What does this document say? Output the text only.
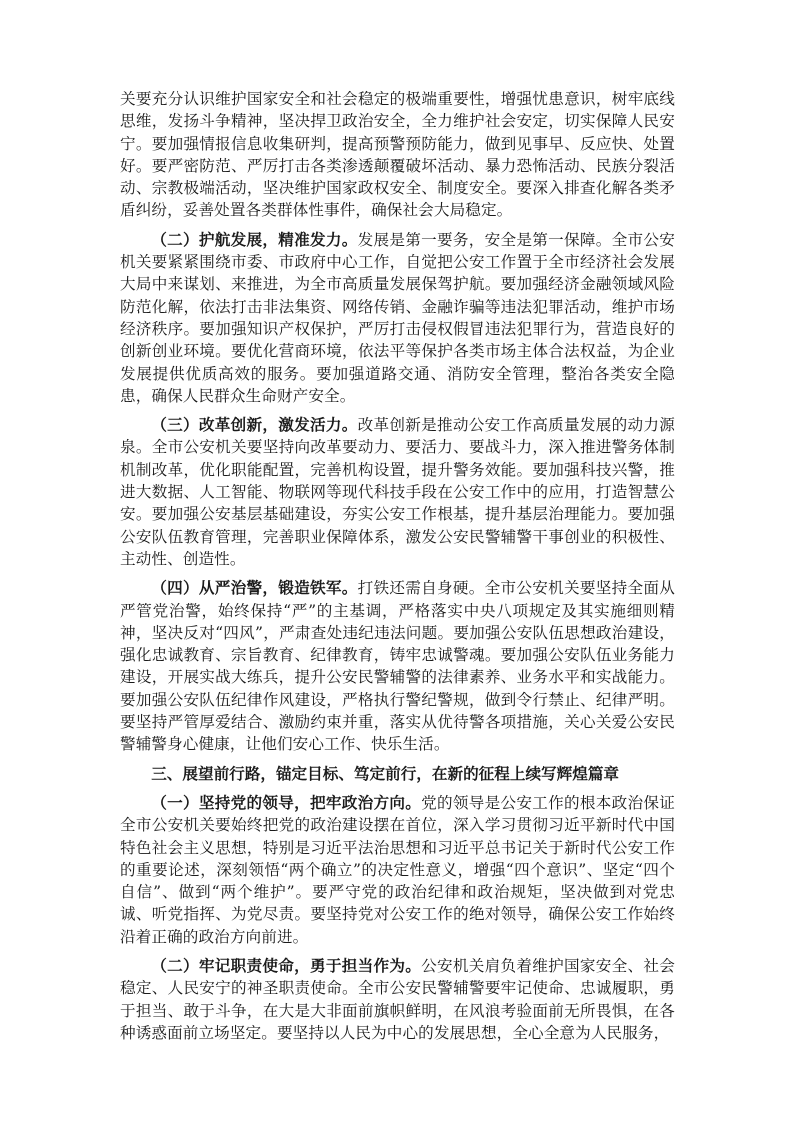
关要充分认识维护国家安全和社会稳定的极端重要性，增强忧患意识，树牢底线思维，发扬斗争精神，坚决捍卫政治安全，全力维护社会安定，切实保障人民安宁。要加强情报信息收集研判，提高预警预防能力，做到见事早、反应快、处置好。要严密防范、严厉打击各类渗透颠覆破坏活动、暴力恐怖活动、民族分裂活动、宗教极端活动，坚决维护国家政权安全、制度安全。要深入排查化解各类矛盾纠纷，妥善处置各类群体性事件，确保社会大局稳定。

（二）护航发展，精准发力。发展是第一要务，安全是第一保障。全市公安机关要紧紧围绕市委、市政府中心工作，自觉把公安工作置于全市经济社会发展大局中来谋划、来推进，为全市高质量发展保驾护航。要加强经济金融领域风险防范化解，依法打击非法集资、网络传销、金融诈骗等违法犯罪活动，维护市场经济秩序。要加强知识产权保护，严厉打击侵权假冒违法犯罪行为，营造良好的创新创业环境。要优化营商环境，依法平等保护各类市场主体合法权益，为企业发展提供优质高效的服务。要加强道路交通、消防安全管理，整治各类安全隐患，确保人民群众生命财产安全。

（三）改革创新，激发活力。改革创新是推动公安工作高质量发展的动力源泉。全市公安机关要坚持向改革要动力、要活力、要战斗力，深入推进警务体制机制改革，优化职能配置，完善机构设置，提升警务效能。要加强科技兴警，推进大数据、人工智能、物联网等现代科技手段在公安工作中的应用，打造智慧公安。要加强公安基层基础建设，夯实公安工作根基，提升基层治理能力。要加强公安队伍教育管理，完善职业保障体系，激发公安民警辅警干事创业的积极性、主动性、创造性。

（四）从严治警，锻造铁军。打铁还需自身硬。全市公安机关要坚持全面从严管党治警，始终保持“严”的主基调，严格落实中央八项规定及其实施细则精神，坚决反对“四风”，严肃查处违纪违法问题。要加强公安队伍思想政治建设，强化忠诚教育、宗旨教育、纪律教育，铸牢忠诚警魂。要加强公安队伍业务能力建设，开展实战大练兵，提升公安民警辅警的法律素养、业务水平和实战能力。要加强公安队伍纪律作风建设，严格执行警纪警规，做到令行禁止、纪律严明。要坚持严管厚爱结合、激励约束并重，落实从优待警各项措施，关心关爱公安民警辅警身心健康，让他们安心工作、快乐生活。

三、展望前行路，锚定目标、笃定前行，在新的征程上续写辉煌篇章

（一）坚持党的领导，把牢政治方向。党的领导是公安工作的根本政治保证全市公安机关要始终把党的政治建设摆在首位，深入学习贯彻习近平新时代中国特色社会主义思想，特别是习近平法治思想和习近平总书记关于新时代公安工作的重要论述，深刻领悟“两个确立”的决定性意义，增强“四个意识”、坚定“四个自信”、做到“两个维护”。要严守党的政治纪律和政治规矩，坚决做到对党忠诚、听党指挥、为党尽责。要坚持党对公安工作的绝对领导，确保公安工作始终沿着正确的政治方向前进。

（二）牢记职责使命，勇于担当作为。公安机关肩负着维护国家安全、社会稳定、人民安宁的神圣职责使命。全市公安民警辅警要牢记使命、忠诚履职，勇于担当、敢于斗争，在大是大非面前旗帜鲜明，在风浪考验面前无所畏惧，在各种诱惑面前立场坚定。要坚持以人民为中心的发展思想，全心全意为人民服务，
